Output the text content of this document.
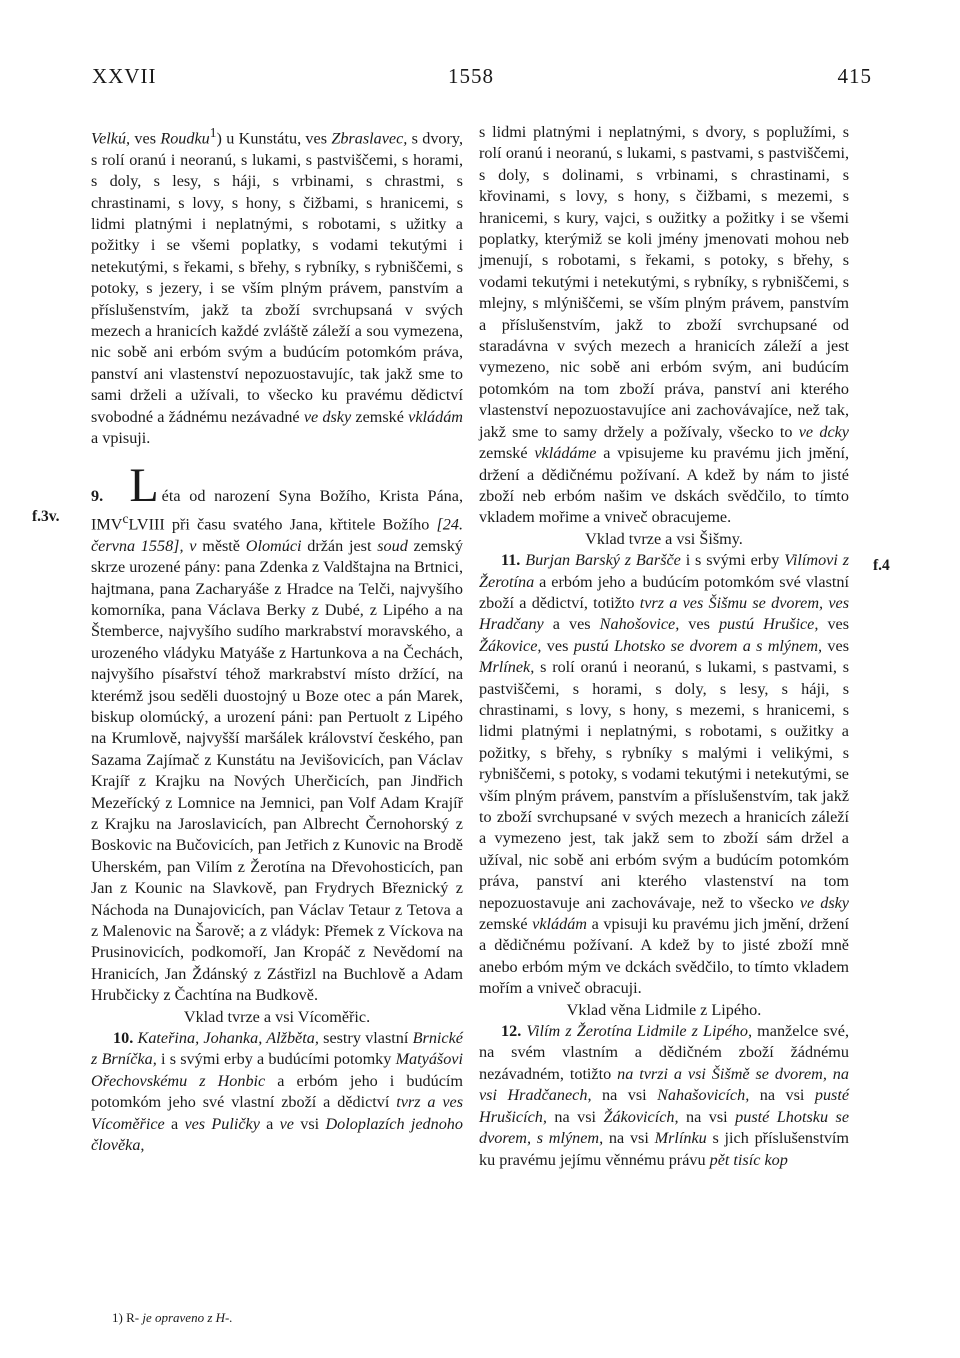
XXVII	1558	415
f.3v.
f.4

Velkú, ves Roudku$^1$) u Kunstátu, ves Zbraslavec, s dvory, s rolí oranú i neoranú, s lukami, s pastviščemi, s horami, s doly, s lesy, s háji, s vrbinami, s chrastmi, s chrastinami, s lovy, s hony, s čižbami, s hranicemi, s lidmi platnými i neplatnými, s robotami, s užitky a požitky i se všemi poplatky, s vodami tekutými i netekutými, s řekami, s břehy, s rybníky, s rybniščemi, s potoky, s jezery, i se vším plným právem, panstvím a příslušenstvím, jakž ta zboží svrchupsaná v svých mezech a hranicích každé zvláště záleží a sou vymezena, nic sobě ani erbóm svým a budúcím potomkóm práva, panství ani vlastenství nepozuostavujíc, tak jakž sme to sami drželi a užívali, to všecko ku pravému dědictví svobodné a žádnému nezávadné ve dsky zemské vkládám a vpisuji.

9. L éta od narození Syna Božího, Krista Pána, IMV$^c$LVIII při času svatého Jana, křtitele Božího [24. června 1558], v městě Olomúci držán jest soud zemský skrze urozené pány: pana Zdenka z Valdštajna na Brtnici, hajtmana, pana Zacharyáše z Hradce na Telči, najvyšího komorníka, pana Václava Berky z Dubé, z Lipého a na Štemberce, najvyšího sudího markrabství moravského, a urozeného vládyku Matyáše z Hartunkova a na Čechách, najvyšího písařství téhož markrabství místo držící, na kterémž jsou seděli duostojný u Boze otec a pán Marek, biskup olomúcký, a urození páni: pan Pertuolt z Lipého na Krumlově, najvyšší maršálek království českého, pan Sazama Zajímač z Kunstátu na Jevišovicích, pan Václav Krajíř z Krajku na Nových Uherčicích, pan Jindřich Mezeřícký z Lomnice na Jemnici, pan Volf Adam Krajíř z Krajku na Jaroslavicích, pan Albrecht Černohorský z Boskovic na Bučovicích, pan Jetřich z Kunovic na Brodě Uherském, pan Vilím z Žerotína na Dřevohosticích, pan Jan z Kounic na Slavkově, pan Frydrych Březnický z Náchoda na Dunajovicích, pan Václav Tetaur z Tetova a z Malenovic na Šarově; a z vládyk: Přemek z Víckova na Prusinovicích, podkomoří, Jan Kropáč z Nevědomí na Hranicích, Jan Ždánský z Zástřizl na Buchlově a Adam Hrubčicky z Čachtína na Budkově.

Vklad tvrze a vsi Vícoměřic.

10. Kateřina, Johanka, Alžběta, sestry vlastní Brnické z Brníčka, i s svými erby a budúcími potomky Matyášovi Ořechovskému z Honbic a erbóm jeho i budúcím potomkóm jeho své vlastní zboží a dědictví tvrz a ves Vícoměřice a ves Puličky a ve vsi Doloplazích jednoho člověka,

s lidmi platnými i neplatnými, s dvory, s poplužími, s rolí oranú i neoranú, s lukami, s pastvami, s pastviščemi, s doly, s dolinami, s vrbinami, s chrastinami, s křovinami, s lovy, s hony, s čižbami, s mezemi, s hranicemi, s kury, vajci, s oužitky a požitky i se všemi poplatky, kterýmiž se koli jmény jmenovati mohou neb jmenují, s robotami, s řekami, s potoky, s břehy, s vodami tekutými i netekutými, s rybníky, s rybniščemi, s mlejny, s mlýniščemi, se vším plným právem, panstvím a příslušenstvím, jakž to zboží svrchupsané od staradávna v svých mezech a hranicích záleží a jest vymezeno, nic sobě ani erbóm svým, ani budúcím potomkóm na tom zboží práva, panství ani kterého vlastenství nepozuostavujíce ani zachovávajíce, než tak, jakž sme to samy držely a požívaly, všecko to ve dcky zemské vkládáme a vpisujeme ku pravému jich jmění, držení a dědičnému požívaní. A kdež by nám to jisté zboží neb erbóm našim ve dskách svědčilo, to tímto vkladem mořime a vniveč obracujeme.

Vklad tvrze a vsi Šišmy.

11. Burjan Barský z Baršče i s svými erby Vilímovi z Žerotína a erbóm jeho a budúcím potomkóm své vlastní zboží a dědictví, totižto tvrz a ves Šišmu se dvorem, ves Hradčany a ves Nahošovice, ves pustú Hrušice, ves Žákovice, ves pustú Lhotsko se dvorem a s mlýnem, ves Mrlínek, s rolí oranú i neoranú, s lukami, s pastvami, s pastviščemi, s horami, s doly, s lesy, s háji, s chrastinami, s lovy, s hony, s mezemi, s hranicemi, s lidmi platnými i neplatnými, s robotami, s oužitky a požitky, s břehy, s rybníky s malými i velikými, s rybniščemi, s potoky, s vodami tekutými i netekutými, se vším plným právem, panstvím a příslušenstvím, tak jakž to zboží svrchupsané v svých mezech a hranicích záleží a vymezeno jest, tak jakž sem to zboží sám držel a užíval, nic sobě ani erbóm svým a budúcím potomkóm práva, panství ani kterého vlastenství na tom nepozuostavuje ani zachovávaje, než to všecko ve dsky zemské vkládám a vpisuji ku pravému jich jmění, držení a dědičnému požívaní. A kdež by to jisté zboží mně anebo erbóm mým ve dckách svědčilo, to tímto vkladem mořím a vniveč obracuji.

Vklad věna Lidmile z Lipého.

12. Vilím z Žerotína Lidmile z Lipého, manželce své, na svém vlastním a dědičném zboží žádnému nezávadném, totižto na tvrzi a vsi Šišmě se dvorem, na vsi Hradčanech, na vsi Nahašovicích, na vsi pusté Hrušicích, na vsi Žákovicích, na vsi pusté Lhotsku se dvorem, s mlýnem, na vsi Mrlínku s jich příslušenstvím ku pravému jejímu věnnému právu pět tisíc kop

1) R- je opraveno z H-.
